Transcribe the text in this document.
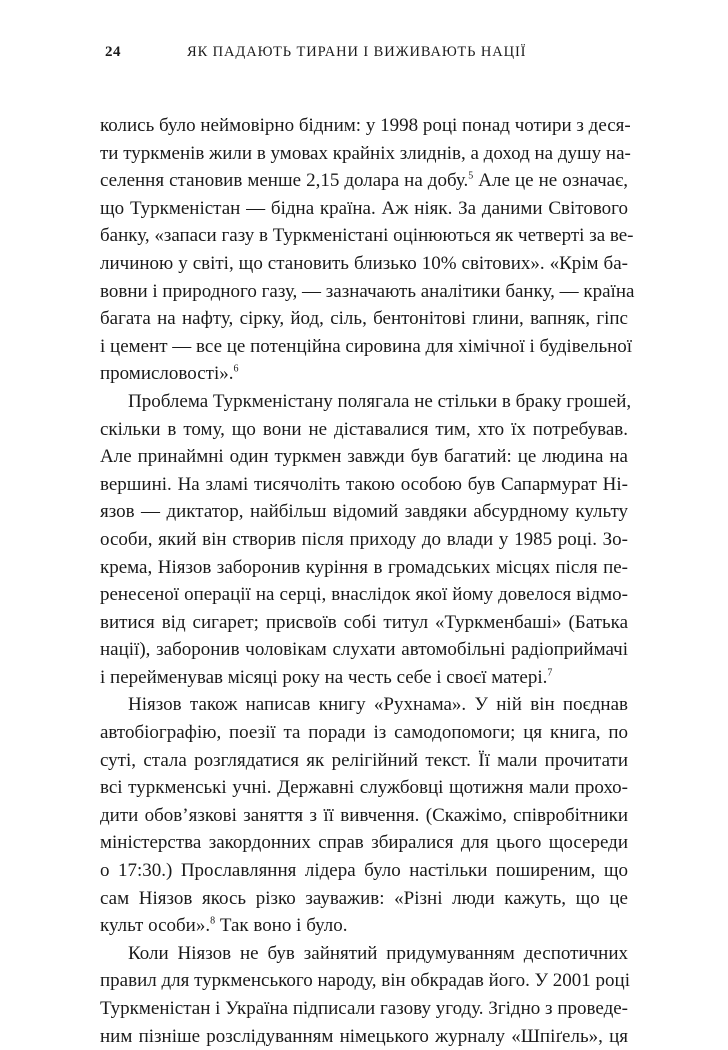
24	ЯК ПАДАЮТЬ ТИРАНИ І ВИЖИВАЮТЬ НАЦІЇ
колись було неймовірно бідним: у 1998 році понад чотири з деся-
ти туркменів жили в умовах крайніх злиднів, а доход на душу на-
селення становив менше 2,15 долара на добу.$^5$ Але це не означає,
що Туркменістан — бідна країна. Аж ніяк. За даними Світового
банку, «запаси газу в Туркменістані оцінюються як четверті за ве-
личиною у світі, що становить близько 10% світових». «Крім ба-
вовни і природного газу, — зазначають аналітики банку, — країна
багата на нафту, сірку, йод, сіль, бентонітові глини, вапняк, гіпс
і цемент — все це потенційна сировина для хімічної і будівельної
промисловості».$^6$
Проблема Туркменістану полягала не стільки в браку грошей,
скільки в тому, що вони не діставалися тим, хто їх потребував.
Але принаймні один туркмен завжди був багатий: це людина на
вершині. На зламі тисячоліть такою особою був Сапармурат Ні-
язов — диктатор, найбільш відомий завдяки абсурдному культу
особи, який він створив після приходу до влади у 1985 році. Зо-
крема, Ніязов заборонив куріння в громадських місцях після пе-
ренесеної операції на серці, внаслідок якої йому довелося відмо-
витися від сигарет; присвоїв собі титул «Туркменбаші» (Батька
нації), заборонив чоловікам слухати автомобільні радіоприймачі
і перейменував місяці року на честь себе і своєї матері.$^7$
Ніязов також написав книгу «Рухнама». У ній він поєднав
автобіографію, поезії та поради із самодопомоги; ця книга, по
суті, стала розглядатися як релігійний текст. Її мали прочитати
всі туркменські учні. Державні службовці щотижня мали прохо-
дити обов’язкові заняття з її вивчення. (Скажімо, співробітники
міністерства закордонних справ збиралися для цього щосереди
о 17:30.) Прославляння лідера було настільки поширеним, що
сам Ніязов якось різко зауважив: «Різні люди кажуть, що це
культ особи».$^8$ Так воно і було.
Коли Ніязов не був зайнятий придумуванням деспотичних
правил для туркменського народу, він обкрадав його. У 2001 році
Туркменістан і Україна підписали газову угоду. Згідно з проведе-
ним пізніше розслідуванням німецького журналу «Шпіґель», ця
